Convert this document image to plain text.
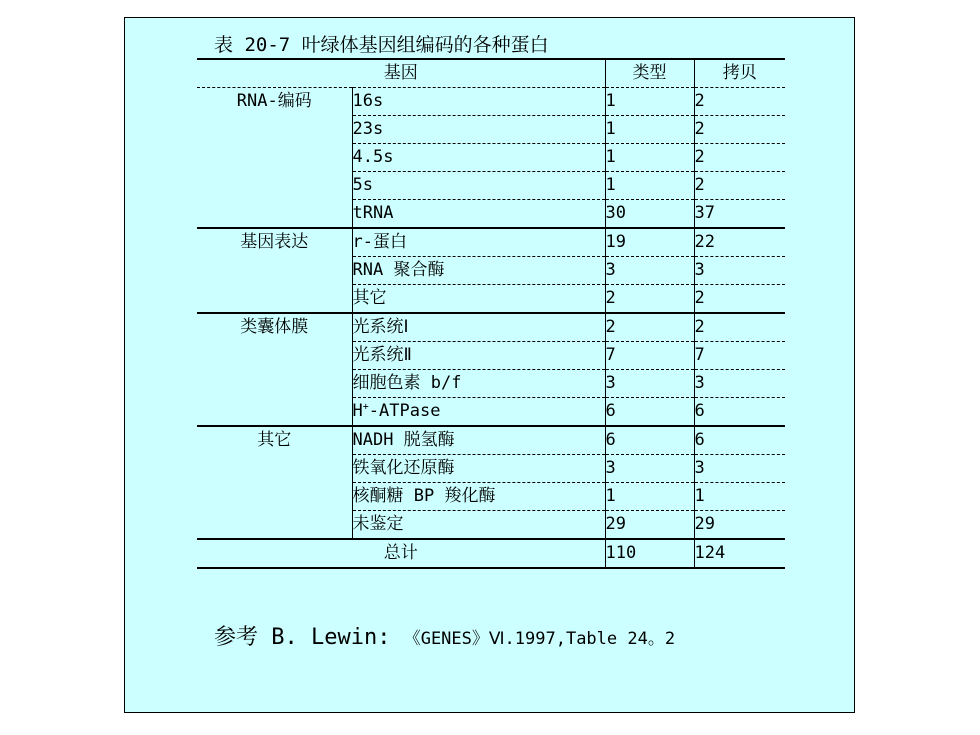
表 20-7 叶绿体基因组编码的各种蛋白
基因		类型	拷贝
RNA-编码	16s	1	2
	23s	1	2
	4.5s	1	2
	5s	1	2
	tRNA	30	37
基因表达	r-蛋白	19	22
	RNA 聚合酶	3	3
	其它	2	2
类囊体膜	光系统Ⅰ	2	2
	光系统Ⅱ	7	7
	细胞色素 b/f	3	3
	H+-ATPase	6	6
其它	NADH 脱氢酶	6	6
	铁氧化还原酶	3	3
	核酮糖 BP 羧化酶	1	1
	未鉴定	29	29
总计		110	124
参考 B. Lewin: 《GENES》Ⅵ.1997,Table 24。2
